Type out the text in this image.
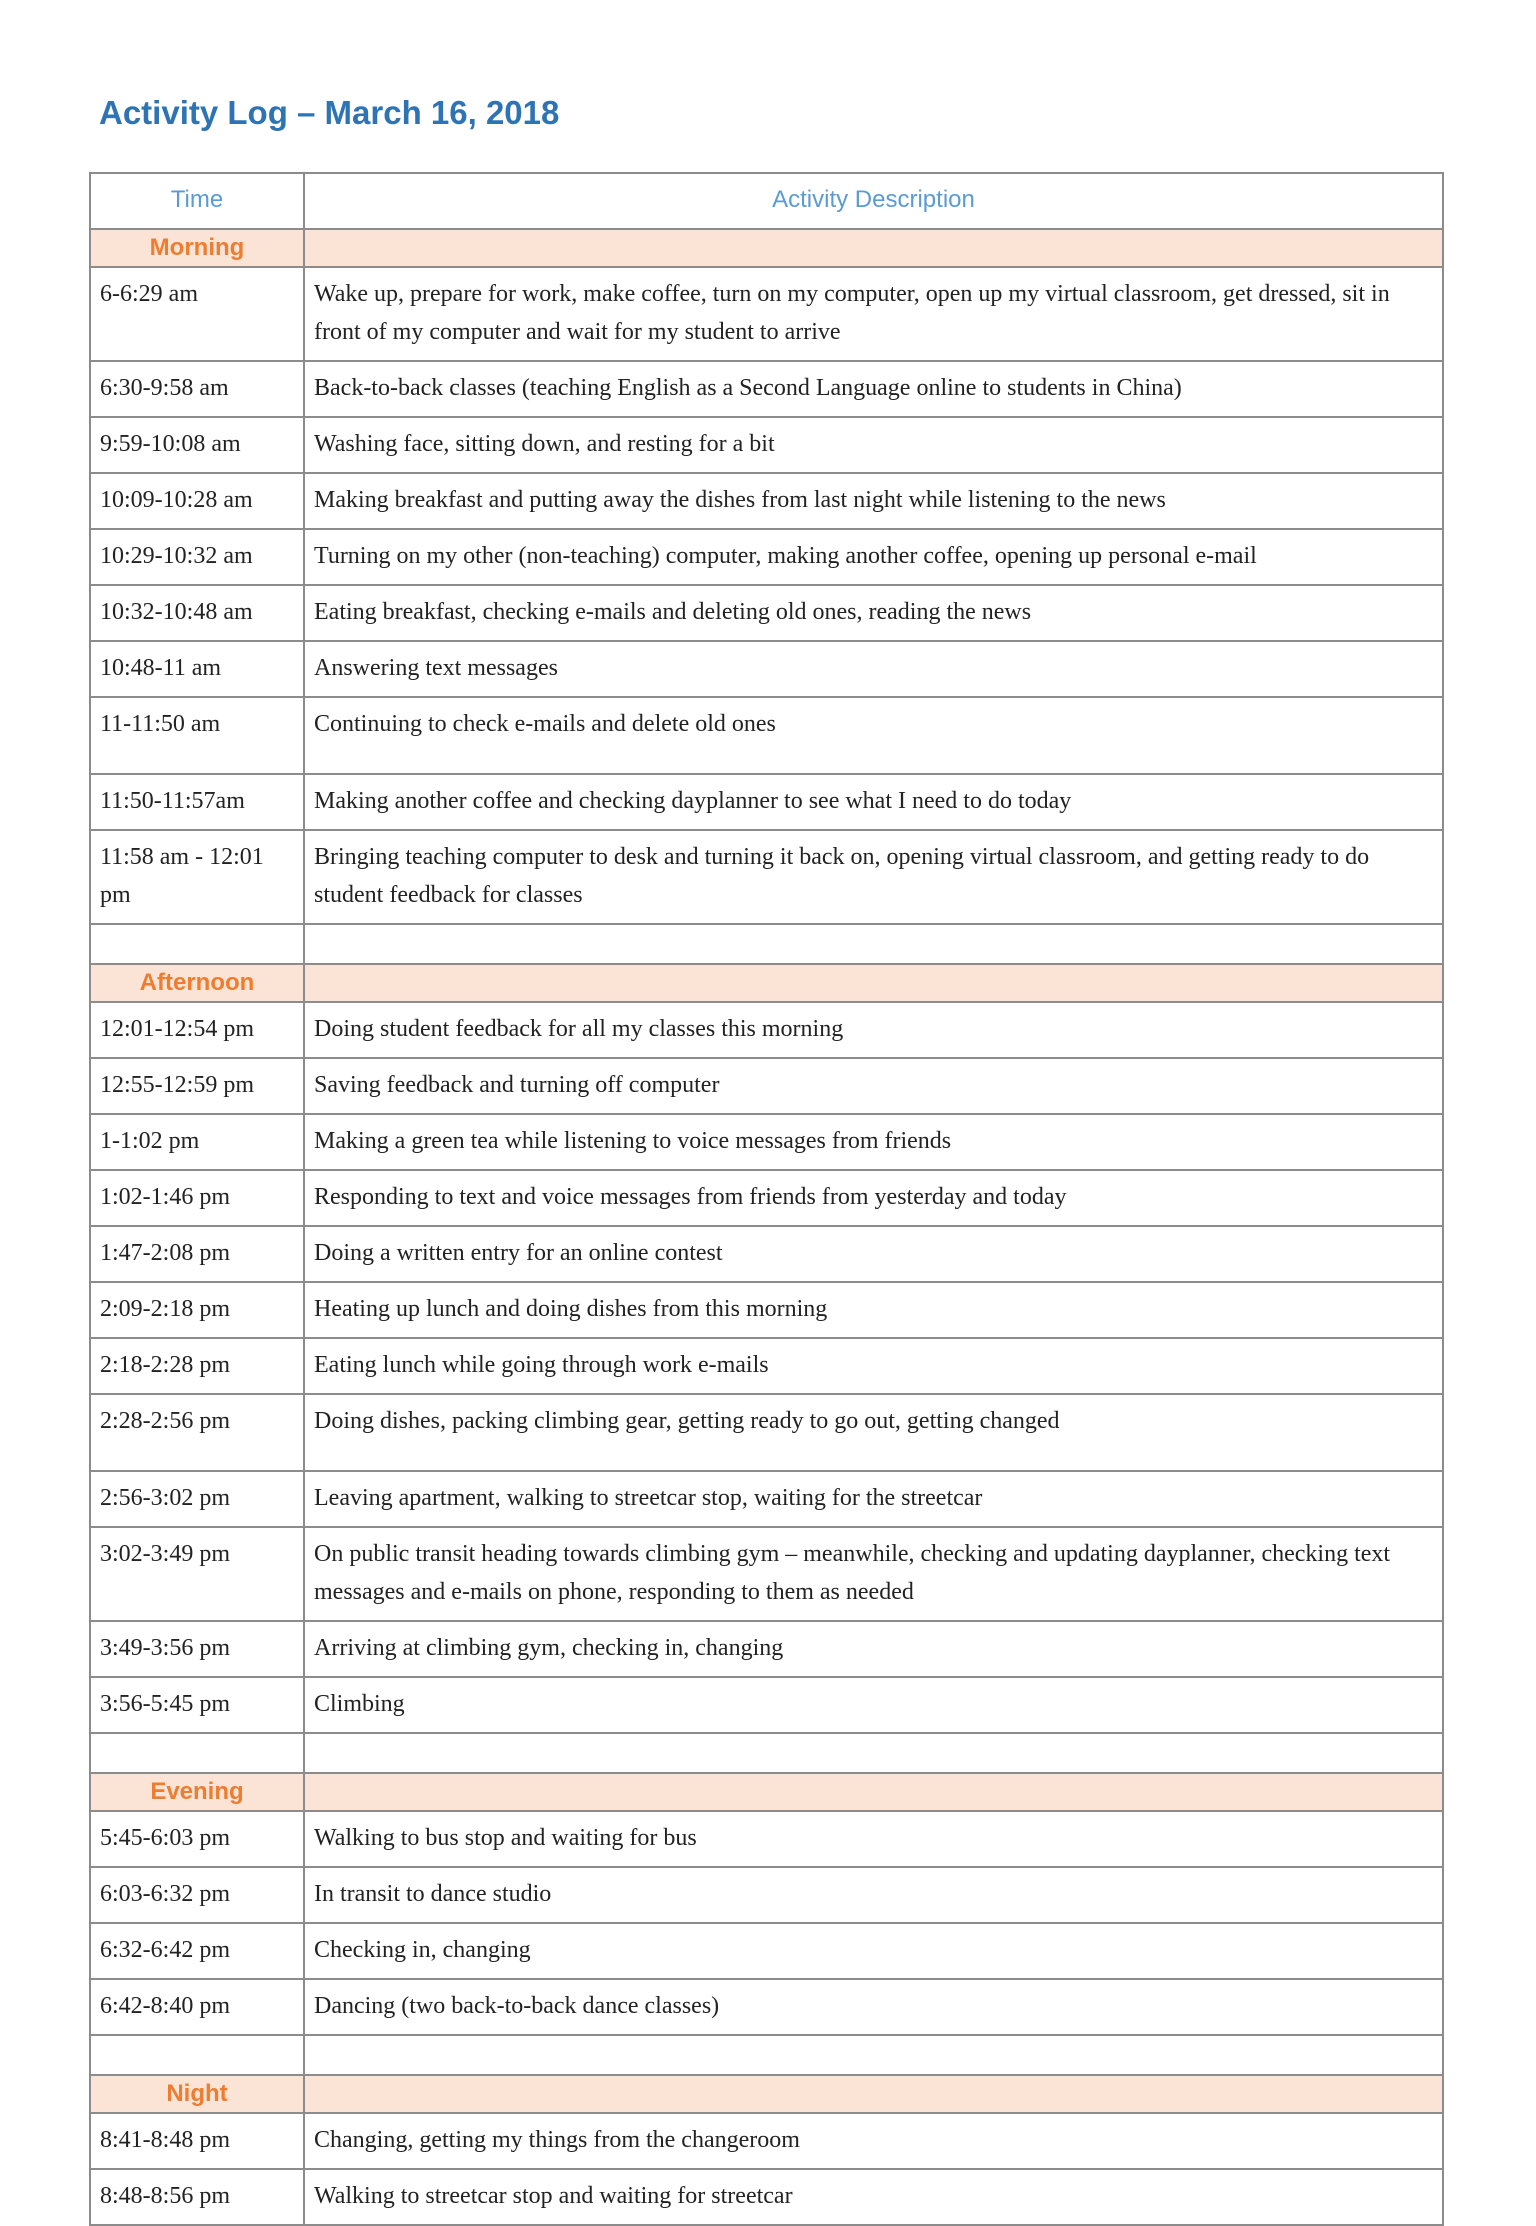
Activity Log – March 16, 2018
Time	Activity Description
Morning	
6-6:29 am	Wake up, prepare for work, make coffee, turn on my computer, open up my virtual classroom, get dressed, sit in front of my computer and wait for my student to arrive
6:30-9:58 am	Back-to-back classes (teaching English as a Second Language online to students in China)
9:59-10:08 am	Washing face, sitting down, and resting for a bit
10:09-10:28 am	Making breakfast and putting away the dishes from last night while listening to the news
10:29-10:32 am	Turning on my other (non-teaching) computer, making another coffee, opening up personal e-mail
10:32-10:48 am	Eating breakfast, checking e-mails and deleting old ones, reading the news
10:48-11 am	Answering text messages
11-11:50 am	Continuing to check e-mails and delete old ones
11:50-11:57am	Making another coffee and checking dayplanner to see what I need to do today
11:58 am - 12:01 pm	Bringing teaching computer to desk and turning it back on, opening virtual classroom, and getting ready to do student feedback for classes

Afternoon	
12:01-12:54 pm	Doing student feedback for all my classes this morning
12:55-12:59 pm	Saving feedback and turning off computer
1-1:02 pm	Making a green tea while listening to voice messages from friends
1:02-1:46 pm	Responding to text and voice messages from friends from yesterday and today
1:47-2:08 pm	Doing a written entry for an online contest
2:09-2:18 pm	Heating up lunch and doing dishes from this morning
2:18-2:28 pm	Eating lunch while going through work e-mails
2:28-2:56 pm	Doing dishes, packing climbing gear, getting ready to go out, getting changed
2:56-3:02 pm	Leaving apartment, walking to streetcar stop, waiting for the streetcar
3:02-3:49 pm	On public transit heading towards climbing gym – meanwhile, checking and updating dayplanner, checking text messages and e-mails on phone, responding to them as needed
3:49-3:56 pm	Arriving at climbing gym, checking in, changing
3:56-5:45 pm	Climbing

Evening	
5:45-6:03 pm	Walking to bus stop and waiting for bus
6:03-6:32 pm	In transit to dance studio
6:32-6:42 pm	Checking in, changing
6:42-8:40 pm	Dancing (two back-to-back dance classes)

Night	
8:41-8:48 pm	Changing, getting my things from the changeroom
8:48-8:56 pm	Walking to streetcar stop and waiting for streetcar
